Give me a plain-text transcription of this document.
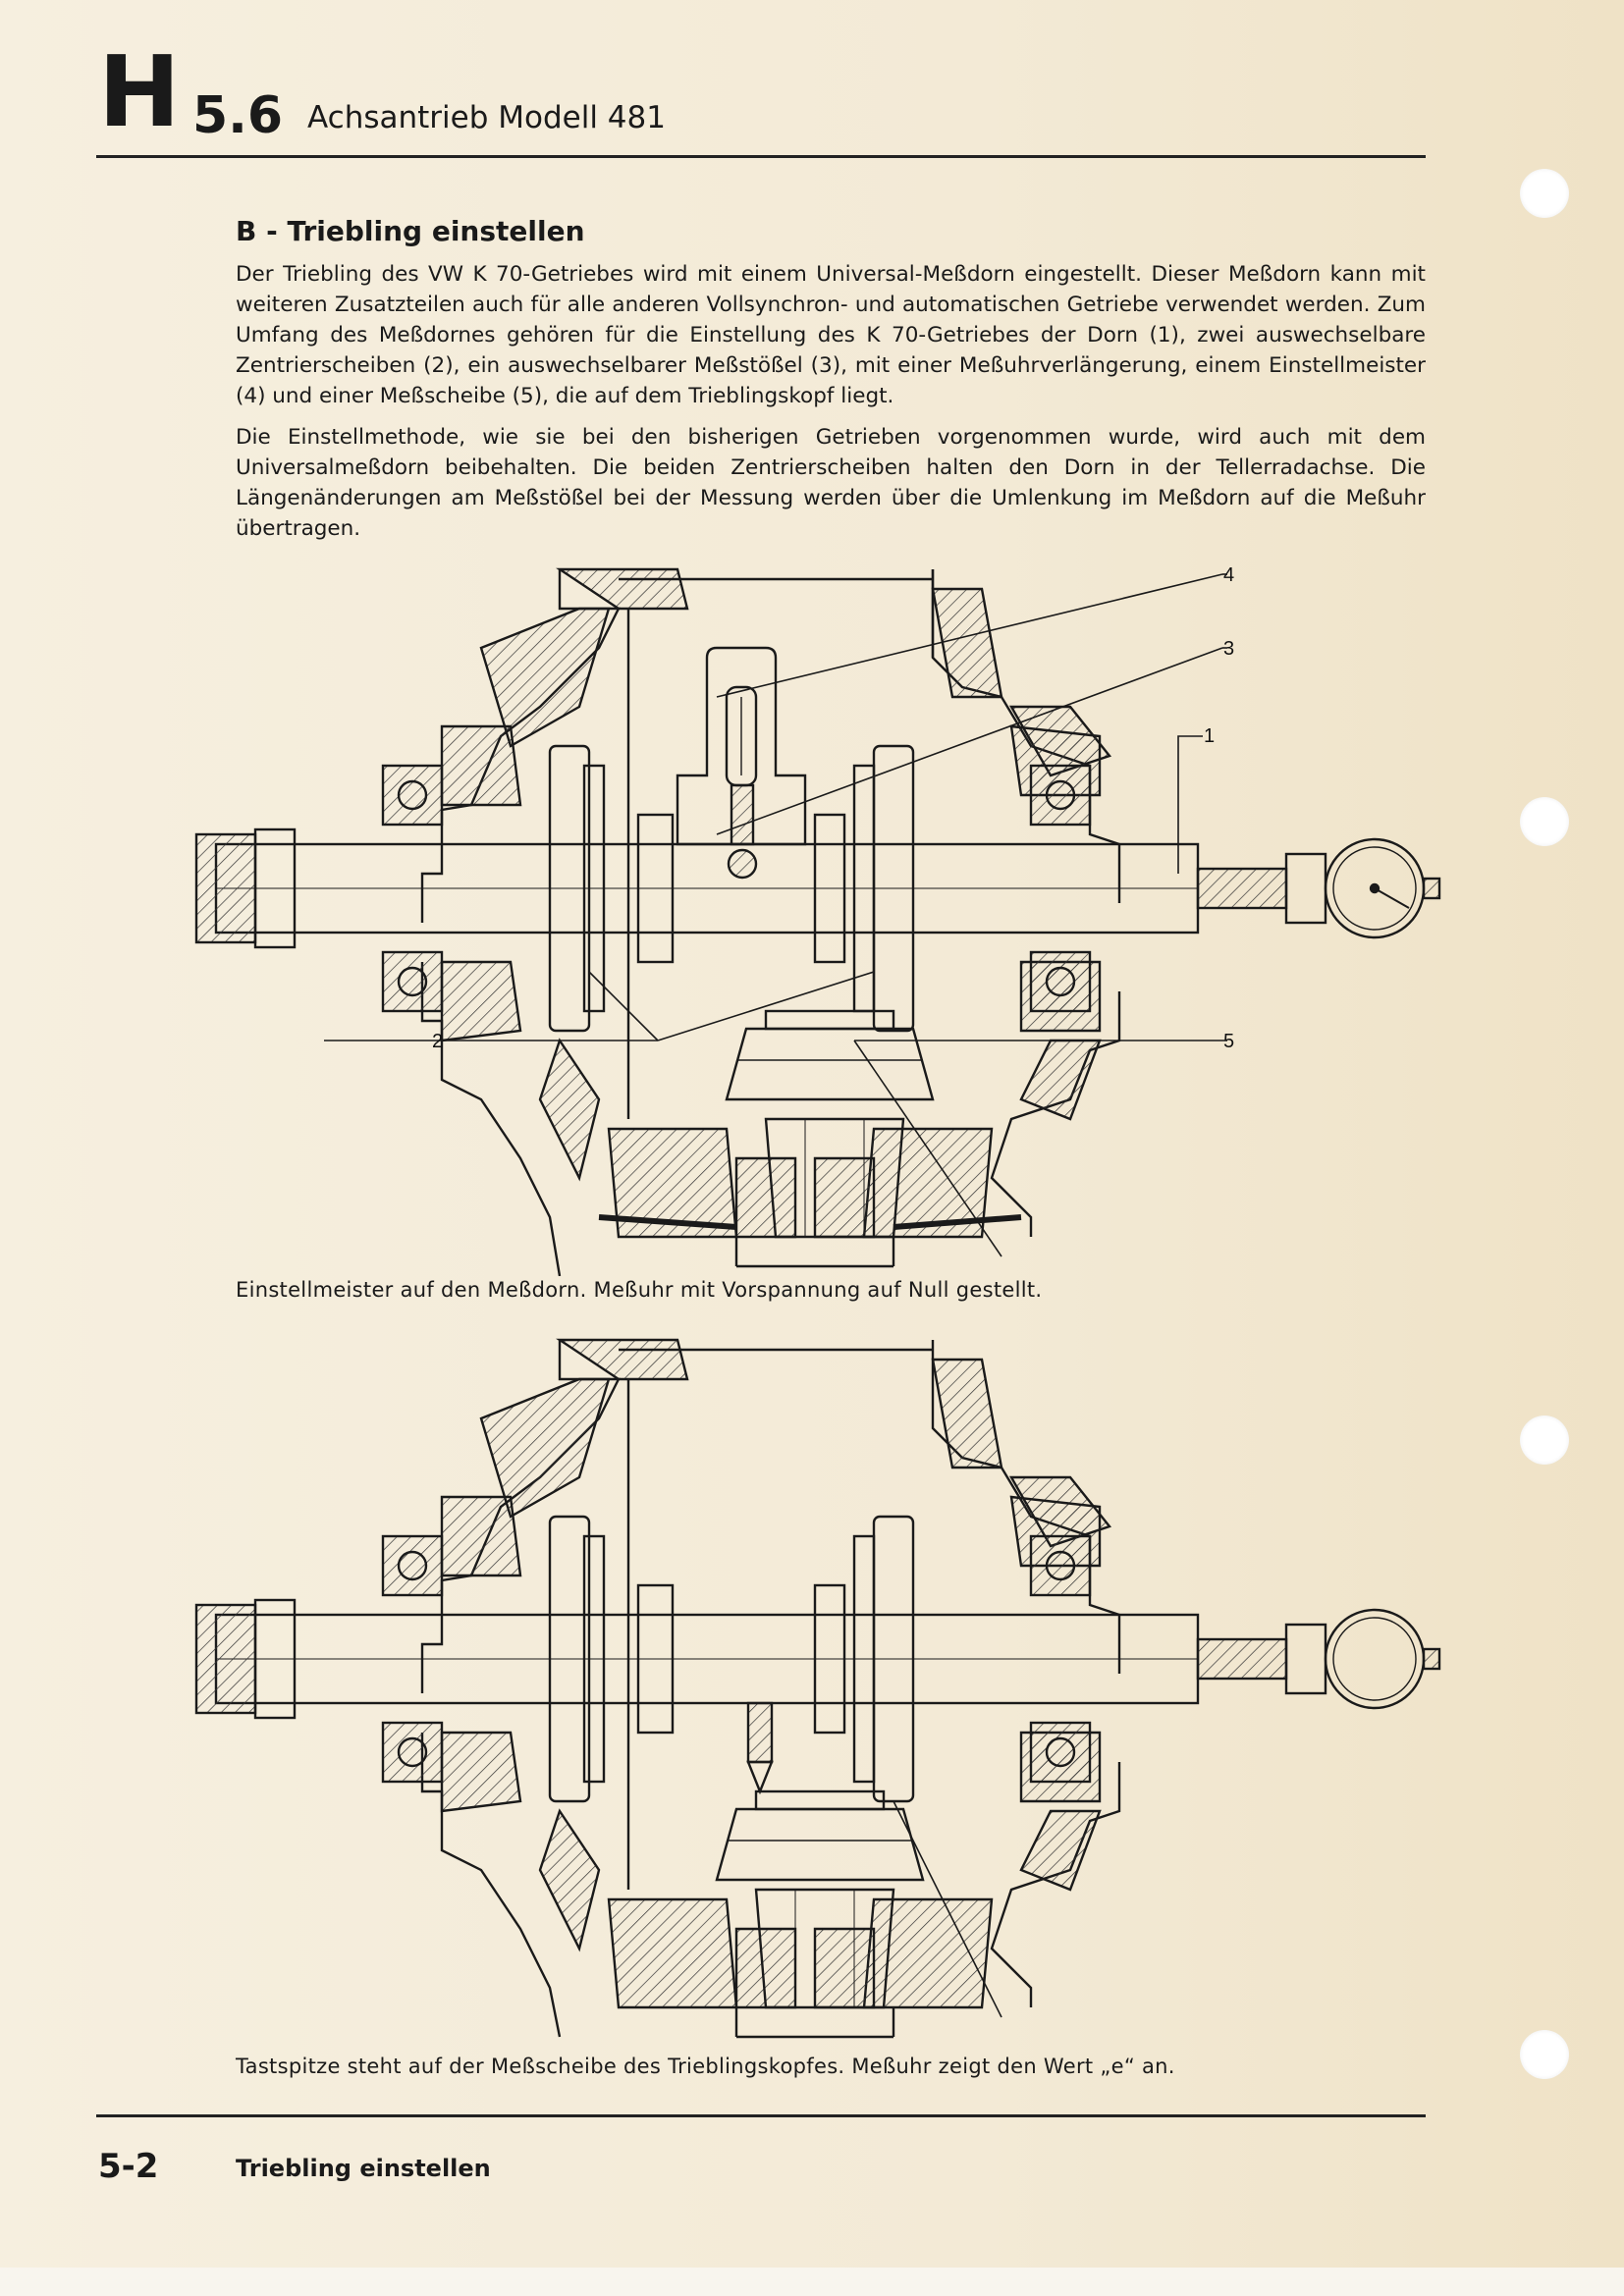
H 5.6 Achsantrieb Modell 481
B - Triebling einstellen

Der Triebling des VW K 70-Getriebes wird mit einem Universal-Meßdorn eingestellt. Dieser Meßdorn kann mit weiteren Zusatzteilen auch für alle anderen Vollsynchron- und automatischen Getriebe verwendet werden. Zum Umfang des Meßdornes gehören für die Einstellung des K 70-Getriebes der Dorn (1), zwei auswechselbare Zentrierscheiben (2), ein auswechselbarer Meßstößel (3), mit einer Meßuhrverlängerung, einem Einstellmeister (4) und einer Meßscheibe (5), die auf dem Trieblingskopf liegt.

Die Einstellmethode, wie sie bei den bisherigen Getrieben vorgenommen wurde, wird auch mit dem Universalmeßdorn beibehalten. Die beiden Zentrierscheiben halten den Dorn in der Tellerradachse. Die Längenänderungen am Meßstößel bei der Messung werden über die Umlenkung im Meßdorn auf die Meßuhr übertragen.

4
3
1
2	5
Einstellmeister auf den Meßdorn. Meßuhr mit Vorspannung auf Null gestellt.
Tastspitze steht auf der Meßscheibe des Trieblingskopfes. Meßuhr zeigt den Wert „e“ an.
5-2	Triebling einstellen
